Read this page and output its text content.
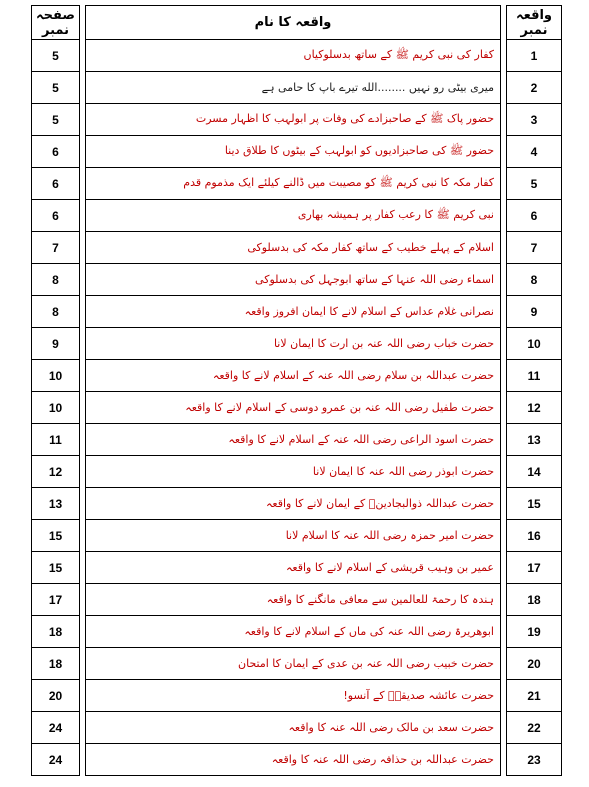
صفحہ نمبر		واقعہ کا نام		واقعہ نمبر
5		کفار کی نبی کریم ﷺ کے ساتھ بدسلوکیاں		1
5		میری بیٹی رو نہیں ........الله تیرے باپ کا حامی ہے		2
5		حضور پاک ﷺ کے صاحبزادے کی وفات پر ابولہب کا اظہار مسرت		3
6		حضور ﷺ کی صاحبزادیوں کو ابولہب کے بیٹوں کا طلاق دینا		4
6		کفار مکہ کا نبی کریم ﷺ کو مصیبت میں ڈالنے کیلئے ایک مذموم قدم		5
6		نبی کریم ﷺ کا رعب کفار پر ہمیشہ بھاری		6
7		اسلام کے پہلے خطیب کے ساتھ کفار مکہ کی بدسلوکی		7
8		اسماء رضی اللہ عنہا کے ساتھ ابوجہل کی بدسلوکی		8
8		نصرانی غلام عداس کے اسلام لانے کا ایمان افروز واقعہ		9
9		حضرت خباب رضی اللہ عنہ بن ارت کا ایمان لانا		10
10		حضرت عبداللہ بن سلام رضی اللہ عنہ کے اسلام لانے کا واقعہ		11
10		حضرت طفیل رضی اللہ عنہ بن عمرو دوسی کے اسلام لانے کا واقعہ		12
11		حضرت اسود الراعی رضی اللہ عنہ کے اسلام لانے کا واقعہ		13
12		حضرت ابوذر رضی اللہ عنہ کا ایمان لانا		14
13		حضرت عبداللہ ذوالبجادینؓ کے ایمان لانے کا واقعہ		15
15		حضرت امیر حمزہ رضی اللہ عنہ کا اسلام لانا		16
15		عمیر بن وہیب قریشی کے اسلام لانے کا واقعہ		17
17		ہندہ کا رحمۃ للعالمین سے معافی مانگنے کا واقعہ		18
18		ابوھریرۃ رضی اللہ عنہ کی ماں کے اسلام لانے کا واقعہ		19
18		حضرت خبیب رضی اللہ عنہ بن عدی کے ایمان کا امتحان		20
20		حضرت عائشہ صدیقہؓ کے آنسو!		21
24		حضرت سعد بن مالک رضی اللہ عنہ کا واقعہ		22
24		حضرت عبداللہ بن حذافہ رضی اللہ عنہ کا واقعہ		23
